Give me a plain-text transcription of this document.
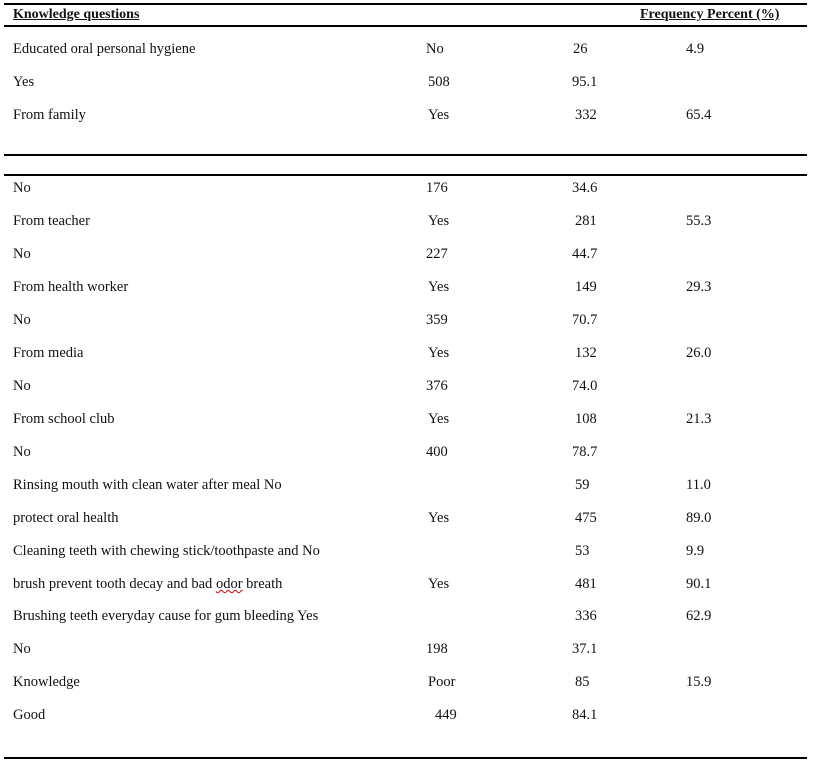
Knowledge questions	Frequency Percent (%)
Educated oral personal hygiene	No	26	4.9
Yes	508	95.1
From family	Yes	332	65.4
No	176	34.6
From teacher	Yes	281	55.3
No	227	44.7
From health worker	Yes	149	29.3
No	359	70.7
From media	Yes	132	26.0
No	376	74.0
From school club	Yes	108	21.3
No	400	78.7
Rinsing mouth with clean water after meal No	59	11.0
protect oral health	Yes	475	89.0
Cleaning teeth with chewing stick/toothpaste and No	53	9.9
brush prevent tooth decay and bad odor breath	Yes	481	90.1
Brushing teeth everyday cause for gum bleeding Yes	336	62.9
No	198	37.1
Knowledge	Poor	85	15.9
Good	449	84.1
